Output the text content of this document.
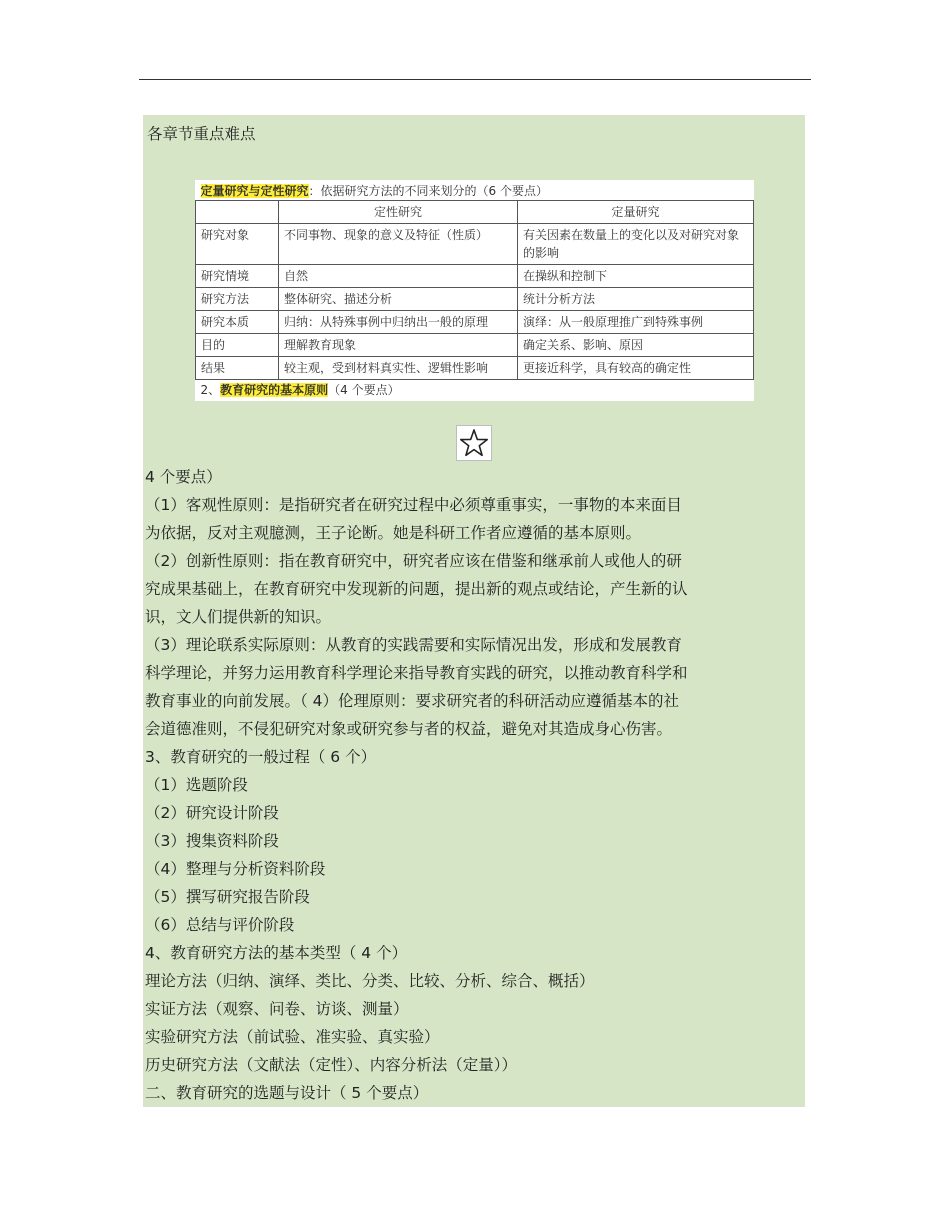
各章节重点难点
定量研究与定性研究：依据研究方法的不同来划分的（6 个要点）		
	定性研究	定量研究
研究对象	不同事物、现象的意义及特征（性质）	有关因素在数量上的变化以及对研究对象的影响
研究情境	自然	在操纵和控制下
研究方法	整体研究、描述分析	统计分析方法
研究本质	归纳：从特殊事例中归纳出一般的原理	演绎：从一般原理推广到特殊事例
目的	理解教育现象	确定关系、影响、原因
结果	较主观，受到材料真实性、逻辑性影响	更接近科学，具有较高的确定性
2、教育研究的基本原则（4 个要点）		

4 个要点）

（1）客观性原则：是指研究者在研究过程中必须尊重事实，一事物的本来面目

为依据，反对主观臆测，王子论断。她是科研工作者应遵循的基本原则。

（2）创新性原则：指在教育研究中，研究者应该在借鉴和继承前人或他人的研

究成果基础上，在教育研究中发现新的问题，提出新的观点或结论，产生新的认

识，文人们提供新的知识。

（3）理论联系实际原则：从教育的实践需要和实际情况出发，形成和发展教育

科学理论，并努力运用教育科学理论来指导教育实践的研究，以推动教育科学和

教育事业的向前发展。（ 4）伦理原则：要求研究者的科研活动应遵循基本的社

会道德准则，不侵犯研究对象或研究参与者的权益，避免对其造成身心伤害。

3、教育研究的一般过程（ 6 个）

（1）选题阶段

（2）研究设计阶段

（3）搜集资料阶段

（4）整理与分析资料阶段

（5）撰写研究报告阶段

（6）总结与评价阶段

4、教育研究方法的基本类型（ 4 个）

理论方法（归纳、演绎、类比、分类、比较、分析、综合、概括）

实证方法（观察、问卷、访谈、测量）

实验研究方法（前试验、准实验、真实验）

历史研究方法（文献法（定性）、内容分析法（定量））

二、教育研究的选题与设计（ 5 个要点）
